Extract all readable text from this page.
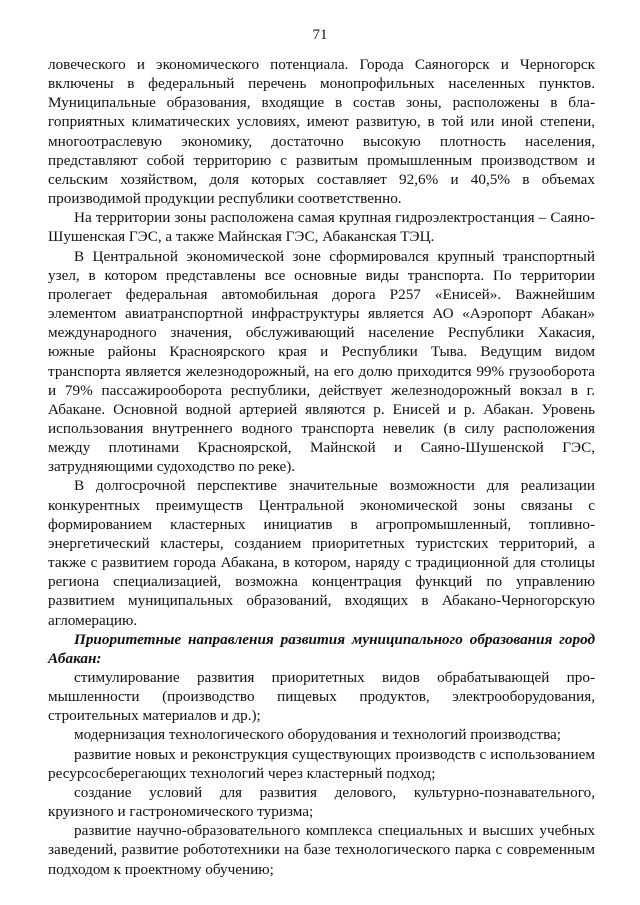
71

ловеческого и экономического потенциала. Города Саяногорск и Черногорск включены в федеральный перечень монопрофильных населенных пунктов. Муниципальные образования, входящие в состав зоны, расположены в благоприятных климатических условиях, имеют развитую, в той или иной степени, многоотраслевую экономику, достаточно высокую плотность населения, представляют собой территорию с развитым промышленным производством и сельским хозяйством, доля которых составляет 92,6% и 40,5% в объемах производимой продукции республики соответственно.

На территории зоны расположена самая крупная гидроэлектростанция – Саяно-Шушенская ГЭС, а также Майнская ГЭС, Абаканская ТЭЦ.

В Центральной экономической зоне сформировался крупный транспортный узел, в котором представлены все основные виды транспорта. По территории пролегает федеральная автомобильная дорога Р257 «Енисей». Важнейшим элементом авиатранспортной инфраструктуры является АО «Аэропорт Абакан» международного значения, обслуживающий население Республики Хакасия, южные районы Красноярского края и Республики Тыва. Ведущим видом транспорта является железнодорожный, на его долю приходится 99% грузооборота и 79% пассажирооборота республики, действует железнодорожный вокзал в г. Абакане. Основной водной артерией являются р. Енисей и р. Абакан. Уровень использования внутреннего водного транспорта невелик (в силу расположения между плотинами Красноярской, Майнской и Саяно-Шушенской ГЭС, затрудняющими судоходство по реке).

В долгосрочной перспективе значительные возможности для реализации конкурентных преимуществ Центральной экономической зоны связаны с формированием кластерных инициатив в агропромышленный, топливно-энергетический кластеры, созданием приоритетных туристских территорий, а также с развитием города Абакана, в котором, наряду с традиционной для столицы региона специализацией, возможна концентрация функций по управлению развитием муниципальных образований, входящих в Абакано-Черногорскую агломерацию.

Приоритетные направления развития муниципального образования город Абакан:

стимулирование развития приоритетных видов обрабатывающей промышленности (производство пищевых продуктов, электрооборудования, строительных материалов и др.);

модернизация технологического оборудования и технологий производства;

развитие новых и реконструкция существующих производств с использованием ресурсосберегающих технологий через кластерный подход;

создание условий для развития делового, культурно-познавательного, круизного и гастрономического туризма;

развитие научно-образовательного комплекса специальных и высших учебных заведений, развитие робототехники на базе технологического парка с современным подходом к проектному обучению;
